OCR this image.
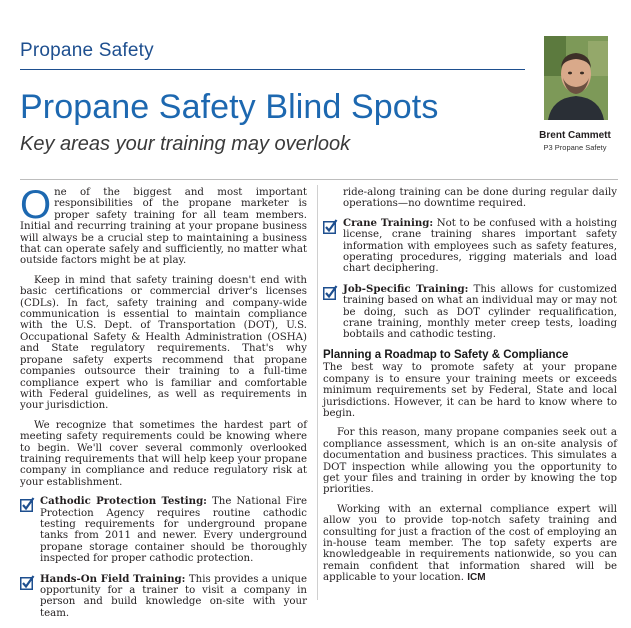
Propane Safety
Propane Safety Blind Spots
Key areas your training may overlook	Brent Cammett
P3 Propane Safety

One of the biggest and most important responsibilities of the propane marketer is proper safety training for all team members. Initial and recurring training at your propane business will always be a crucial step to maintaining a business that can operate safely and sufficiently, no matter what outside factors might be at play.

Keep in mind that safety training doesn't end with basic certifications or commercial driver's licenses (CDLs). In fact, safety training and company-wide communication is essential to maintain compliance with the U.S. Dept. of Transportation (DOT), U.S. Occupational Safety & Health Administration (OSHA) and State regulatory requirements. That's why propane safety experts recommend that propane companies outsource their training to a full-time compliance expert who is familiar and comfortable with Federal guidelines, as well as requirements in your jurisdiction.

We recognize that sometimes the hardest part of meeting safety requirements could be knowing where to begin. We'll cover several commonly overlooked training requirements that will help keep your propane company in compliance and reduce regulatory risk at your establishment.

Cathodic Protection Testing: The National Fire Protection Agency requires routine cathodic testing requirements for underground propane tanks from 2011 and newer. Every underground propane storage container should be thoroughly inspected for proper cathodic protection.
Hands-On Field Training: This provides a unique opportunity for a trainer to visit a company in person and build knowledge on-site with your team.

ride-along training can be done during regular daily operations—no downtime required.

Crane Training: Not to be confused with a hoisting license, crane training shares important safety information with employees such as safety features, operating procedures, rigging materials and load chart deciphering.
Job-Specific Training: This allows for customized training based on what an individual may or may not be doing, such as DOT cylinder requalification, crane training, monthly meter creep tests, loading bobtails and cathodic testing.
Planning a Roadmap to Safety & Compliance

The best way to promote safety at your propane company is to ensure your training meets or exceeds minimum requirements set by Federal, State and local jurisdictions. However, it can be hard to know where to begin.

For this reason, many propane companies seek out a compliance assessment, which is an on-site analysis of documentation and business practices. This simulates a DOT inspection while allowing you the opportunity to get your files and training in order by knowing the top priorities.

Working with an external compliance expert will allow you to provide top-notch safety training and consulting for just a fraction of the cost of employing an in-house team member. The top safety experts are knowledgeable in requirements nationwide, so you can remain confident that information shared will be applicable to your location. ICM
